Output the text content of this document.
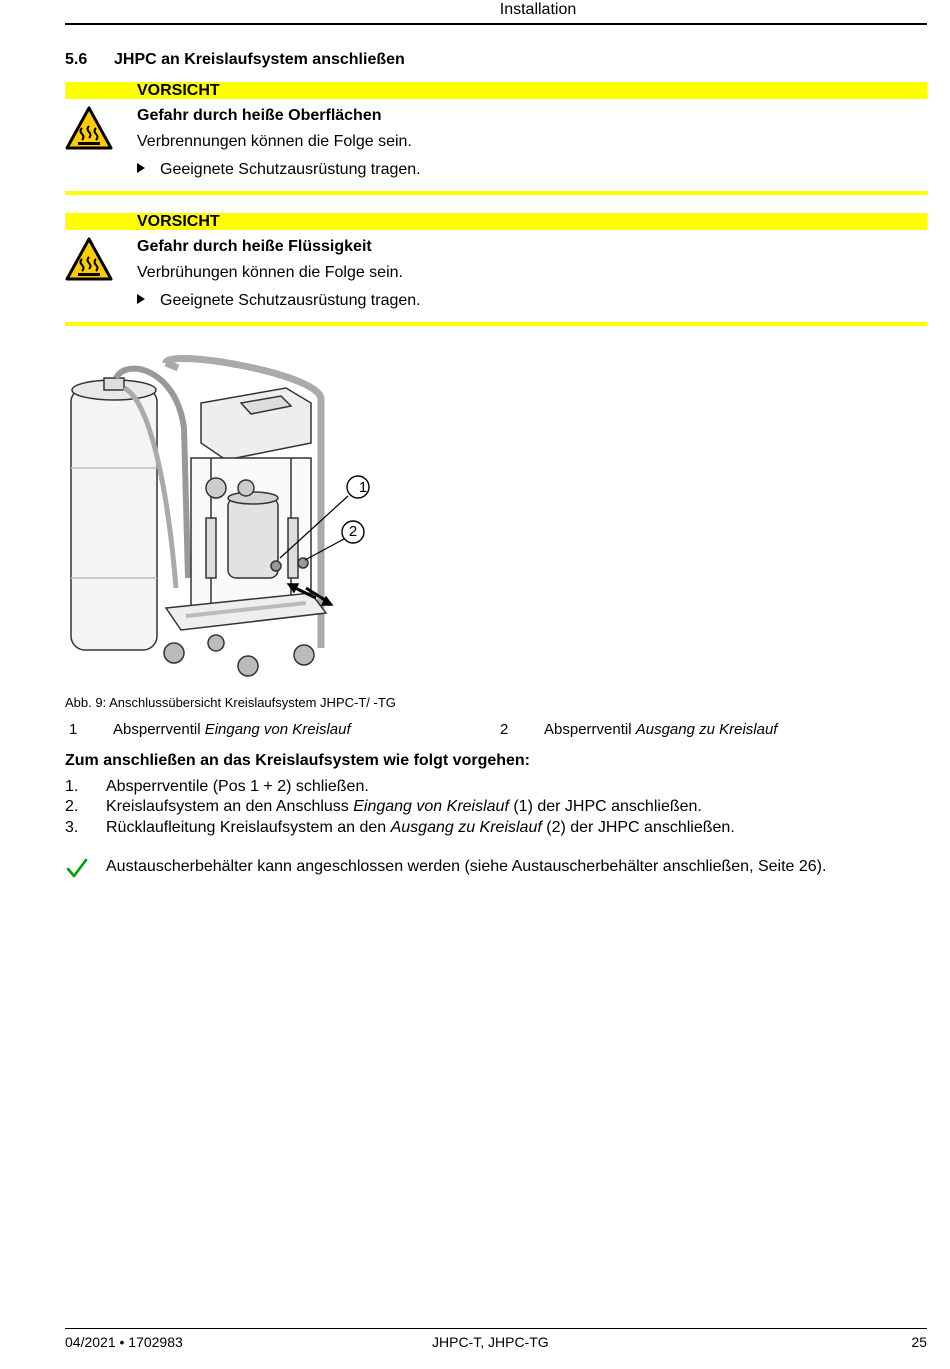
Installation
5.6 JHPC an Kreislaufsystem anschließen
VORSICHT
Gefahr durch heiße Oberflächen
Verbrennungen können die Folge sein.
Geeignete Schutzausrüstung tragen.
VORSICHT
Gefahr durch heiße Flüssigkeit
Verbrühungen können die Folge sein.
Geeignete Schutzausrüstung tragen.
1
2
Abb. 9: Anschlussübersicht Kreislaufsystem JHPC-T/ -TG
1 Absperrventil Eingang von Kreislauf	2 Absperrventil Ausgang zu Kreislauf
Zum anschließen an das Kreislaufsystem wie folgt vorgehen:
1. Absperrventile (Pos 1 + 2) schließen.
2. Kreislaufsystem an den Anschluss Eingang von Kreislauf (1) der JHPC anschließen.
3. Rücklaufleitung Kreislaufsystem an den Ausgang zu Kreislauf (2) der JHPC anschließen.
Austauscherbehälter kann angeschlossen werden (siehe Austauscherbehälter anschließen, Seite 26).
04/2021 • 1702983	JHPC-T, JHPC-TG	25
